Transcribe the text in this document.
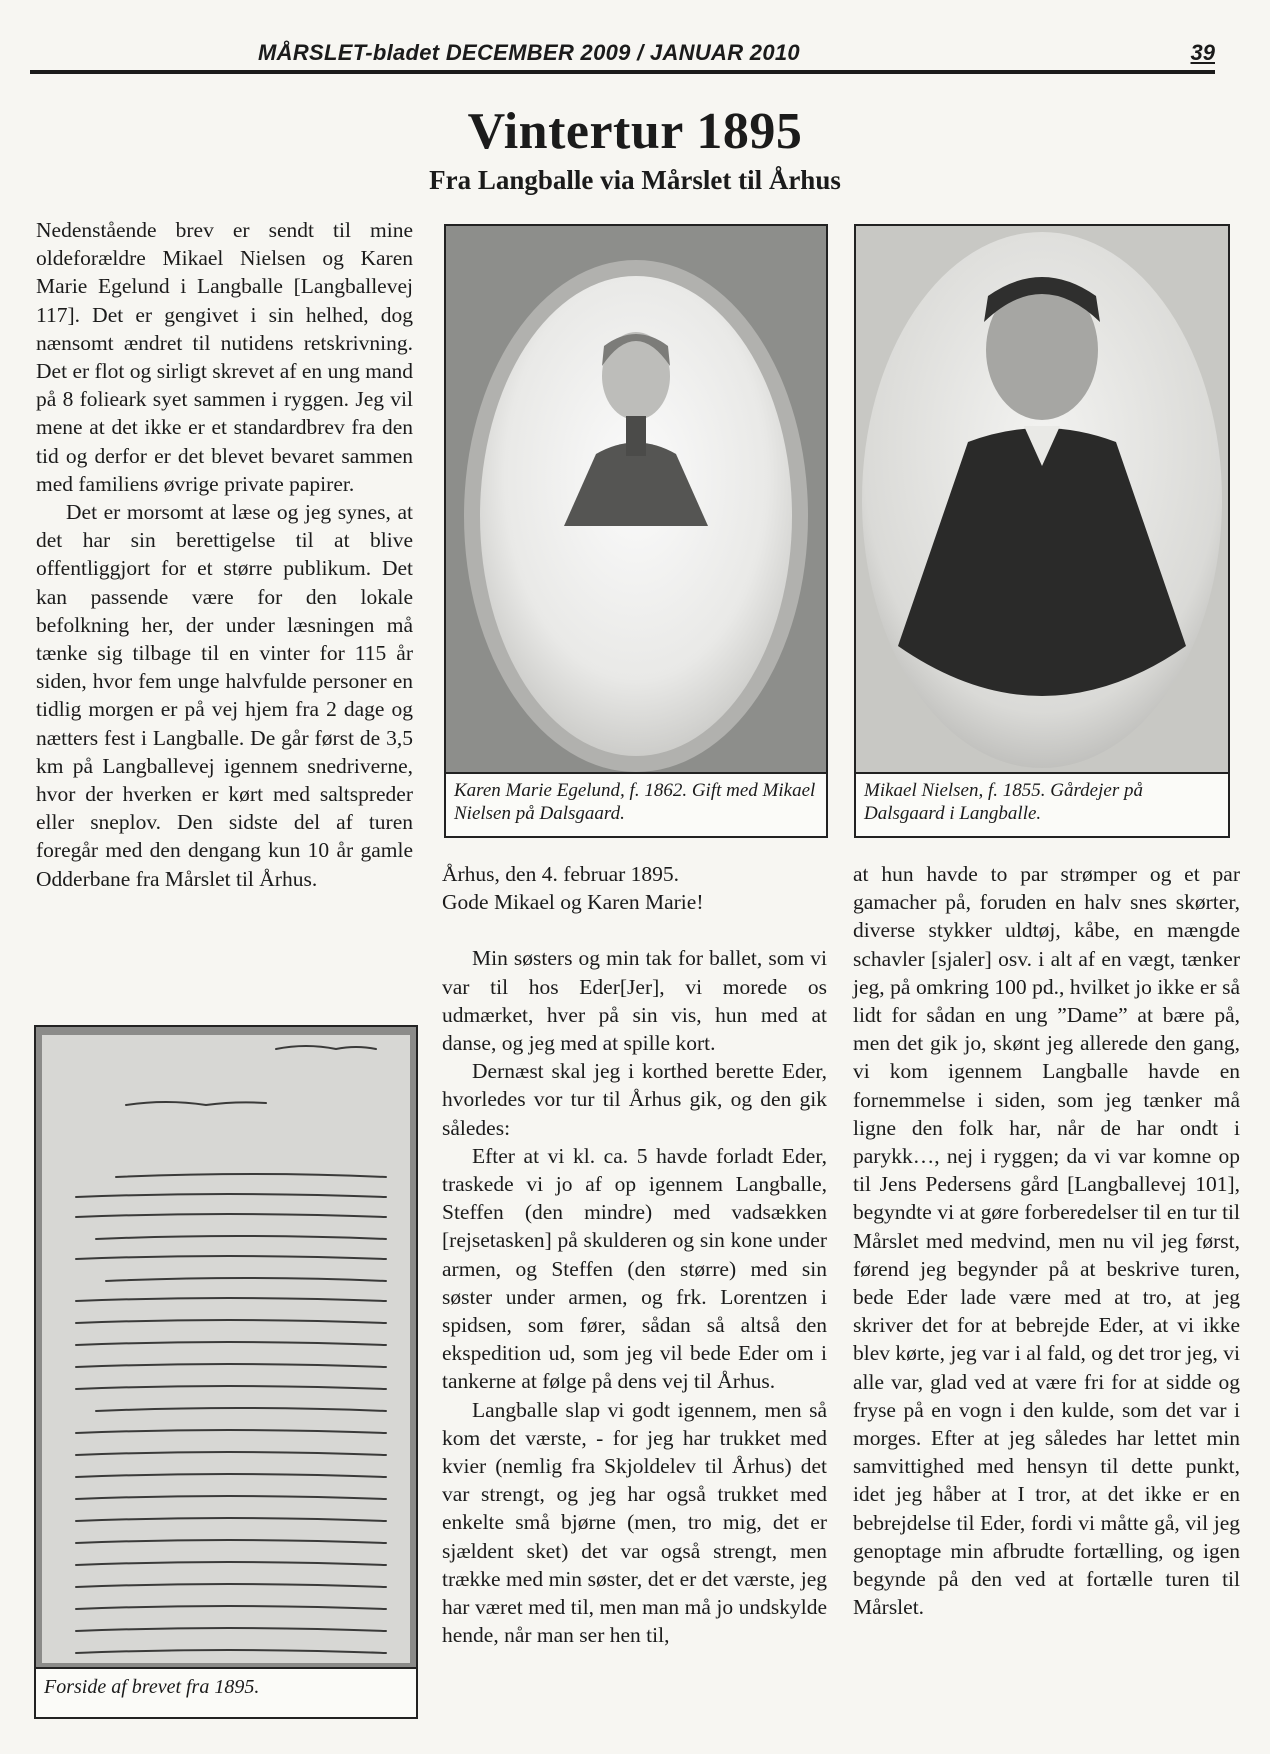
MÅRSLET-bladet DECEMBER 2009 / JANUAR 2010	39
Vintertur 1895
Fra Langballe via Mårslet til Århus

Nedenstående brev er sendt til mine oldeforældre Mikael Nielsen og Karen Marie Egelund i Langballe [Langballevej 117]. Det er gengivet i sin helhed, dog nænsomt ændret til nutidens retskrivning. Det er flot og sirligt skrevet af en ung mand på 8 folieark syet sammen i ryggen. Jeg vil mene at det ikke er et standardbrev fra den tid og derfor er det blevet bevaret sammen med familiens øvrige private papirer.

Det er morsomt at læse og jeg synes, at det har sin berettigelse til at blive offentliggjort for et større publikum. Det kan passende være for den lokale befolkning her, der under læsningen må tænke sig tilbage til en vinter for 115 år siden, hvor fem unge halvfulde personer en tidlig morgen er på vej hjem fra 2 dage og nætters fest i Langballe. De går først de 3,5 km på Langballevej igennem snedriverne, hvor der hverken er kørt med saltspreder eller sneplov. Den sidste del af turen foregår med den dengang kun 10 år gamle Odderbane fra Mårslet til Århus.

Karen Marie Egelund, f. 1862. Gift med Mikael Nielsen på Dalsgaard.
Mikael Nielsen, f. 1855. Gårdejer på Dalsgaard i Langballe.
Forside af brevet fra 1895.

Århus, den 4. februar 1895.

Gode Mikael og Karen Marie!

Min søsters og min tak for ballet, som vi var til hos Eder[Jer], vi morede os udmærket, hver på sin vis, hun med at danse, og jeg med at spille kort.

Dernæst skal jeg i korthed berette Eder, hvorledes vor tur til Århus gik, og den gik således:

Efter at vi kl. ca. 5 havde forladt Eder, traskede vi jo af op igennem Langballe, Steffen (den mindre) med vadsækken [rejsetasken] på skulderen og sin kone under armen, og Steffen (den større) med sin søster under armen, og frk. Lorentzen i spidsen, som fører, sådan så altså den ekspedition ud, som jeg vil bede Eder om i tankerne at følge på dens vej til Århus.

Langballe slap vi godt igennem, men så kom det værste, - for jeg har trukket med kvier (nemlig fra Skjoldelev til Århus) det var strengt, og jeg har også trukket med enkelte små bjørne (men, tro mig, det er sjældent sket) det var også strengt, men trække med min søster, det er det værste, jeg har været med til, men man må jo undskylde hende, når man ser hen til,

at hun havde to par strømper og et par gamacher på, foruden en halv snes skørter, diverse stykker uldtøj, kåbe, en mængde schavler [sjaler] osv. i alt af en vægt, tænker jeg, på omkring 100 pd., hvilket jo ikke er så lidt for sådan en ung ”Dame” at bære på, men det gik jo, skønt jeg allerede den gang, vi kom igennem Langballe havde en fornemmelse i siden, som jeg tænker må ligne den folk har, når de har ondt i parykk…, nej i ryggen; da vi var komne op til Jens Pedersens gård [Langballevej 101], begyndte vi at gøre forberedelser til en tur til Mårslet med medvind, men nu vil jeg først, førend jeg begynder på at beskrive turen, bede Eder lade være med at tro, at jeg skriver det for at bebrejde Eder, at vi ikke blev kørte, jeg var i al fald, og det tror jeg, vi alle var, glad ved at være fri for at sidde og fryse på en vogn i den kulde, som det var i morges. Efter at jeg således har lettet min samvittighed med hensyn til dette punkt, idet jeg håber at I tror, at det ikke er en bebrejdelse til Eder, fordi vi måtte gå, vil jeg genoptage min afbrudte fortælling, og igen begynde på den ved at fortælle turen til Mårslet.
